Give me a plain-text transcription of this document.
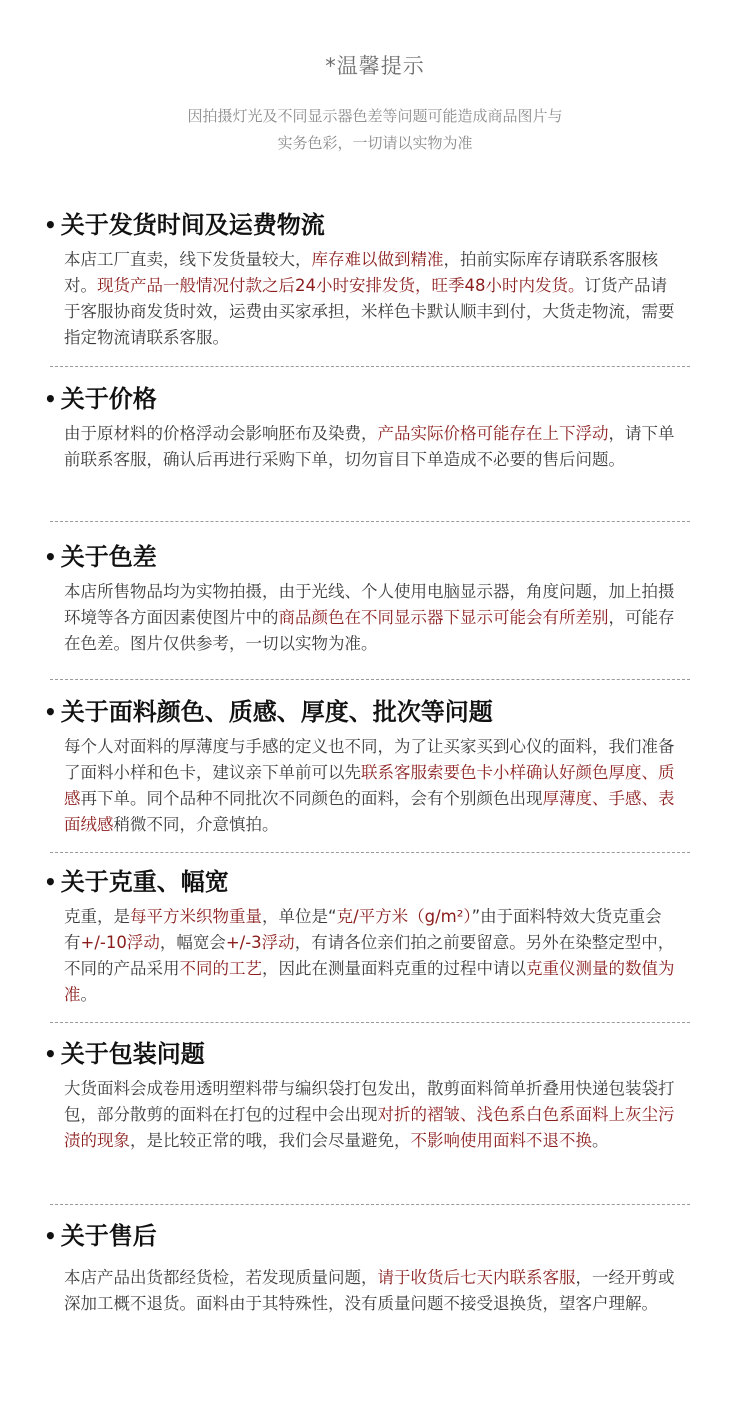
*温馨提示
因拍摄灯光及不同显示器色差等问题可能造成商品图片与
实务色彩，一切请以实物为准
• 关于发货时间及运费物流
本店工厂直卖，线下发货量较大，库存难以做到精准，拍前实际库存请联系客服核对。现货产品一般情况付款之后24小时安排发货，旺季48小时内发货。订货产品请于客服协商发货时效，运费由买家承担，米样色卡默认顺丰到付，大货走物流，需要指定物流请联系客服。
• 关于价格
由于原材料的价格浮动会影响胚布及染费，产品实际价格可能存在上下浮动，请下单前联系客服，确认后再进行采购下单，切勿盲目下单造成不必要的售后问题。
• 关于色差
本店所售物品均为实物拍摄，由于光线、个人使用电脑显示器，角度问题，加上拍摄环境等各方面因素使图片中的商品颜色在不同显示器下显示可能会有所差别，可能存在色差。图片仅供参考，一切以实物为准。
• 关于面料颜色、质感、厚度、批次等问题
每个人对面料的厚薄度与手感的定义也不同，为了让买家买到心仪的面料，我们准备了面料小样和色卡，建议亲下单前可以先联系客服索要色卡小样确认好颜色厚度、质感再下单。同个品种不同批次不同颜色的面料，会有个别颜色出现厚薄度、手感、表面绒感稍微不同，介意慎拍。
• 关于克重、幅宽
克重，是每平方米织物重量，单位是“克/平方米（g/m²）”由于面料特效大货克重会有+/-10浮动，幅宽会+/-3浮动，有请各位亲们拍之前要留意。另外在染整定型中，不同的产品采用不同的工艺，因此在测量面料克重的过程中请以克重仪测量的数值为准。
• 关于包装问题
大货面料会成卷用透明塑料带与编织袋打包发出，散剪面料简单折叠用快递包装袋打包，部分散剪的面料在打包的过程中会出现对折的褶皱、浅色系白色系面料上灰尘污渍的现象，是比较正常的哦，我们会尽量避免，不影响使用面料不退不换。
• 关于售后
本店产品出货都经货检，若发现质量问题，请于收货后七天内联系客服，一经开剪或深加工概不退货。面料由于其特殊性，没有质量问题不接受退换货，望客户理解。
